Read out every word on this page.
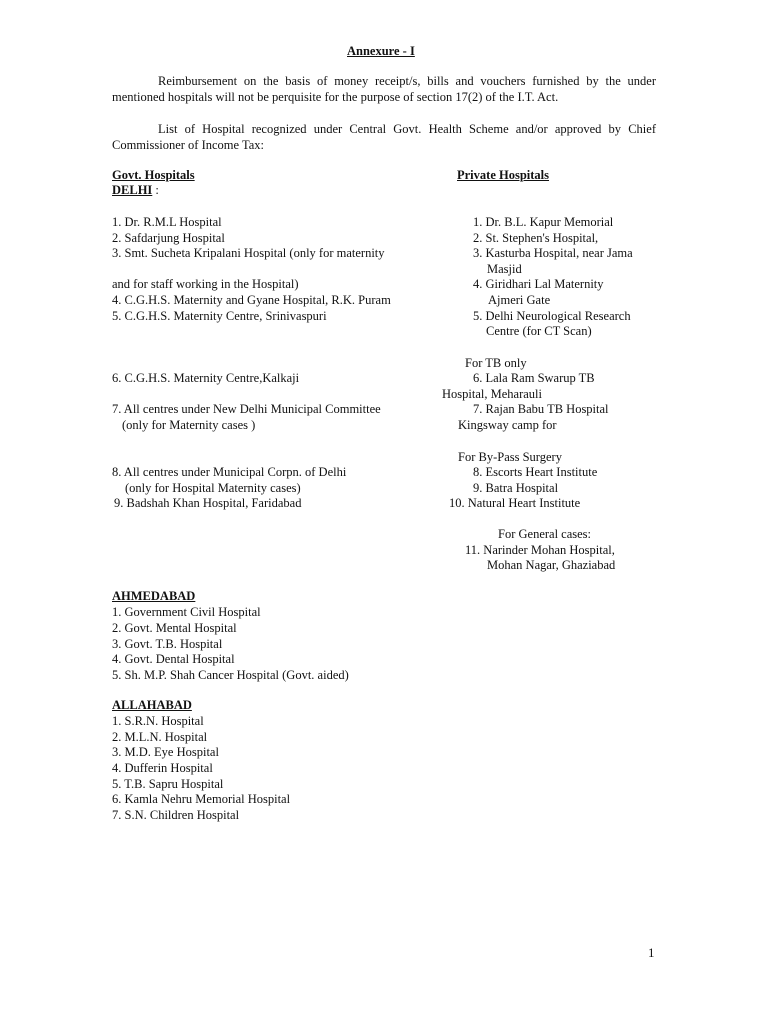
Annexure - I
Reimbursement on the basis of money receipt/s, bills and vouchers furnished by the under mentioned hospitals will not be perquisite for the purpose of section 17(2) of the I.T. Act.
List of Hospital recognized under Central Govt. Health Scheme and/or approved by Chief Commissioner of Income Tax:
Govt. Hospitals	Private Hospitals
DELHI :
1. Dr. R.M.L Hospital
2. Safdarjung Hospital
3. Smt. Sucheta Kripalani Hospital (only for maternity
and for staff working in the Hospital)
4. C.G.H.S. Maternity and Gyane Hospital, R.K. Puram
5. C.G.H.S. Maternity Centre, Srinivaspuri
6. C.G.H.S. Maternity Centre,Kalkaji
7. All centres under New Delhi Municipal Committee
(only for Maternity cases )
8. All centres under Municipal Corpn. of Delhi
(only for Hospital Maternity cases)
9. Badshah Khan Hospital, Faridabad
1. Dr. B.L. Kapur Memorial
2. St. Stephen's Hospital,
3. Kasturba Hospital, near Jama
Masjid
4. Giridhari Lal Maternity
Ajmeri Gate
5. Delhi Neurological Research
Centre (for CT Scan)
For TB only
6. Lala Ram Swarup TB
Hospital, Meharauli
7. Rajan Babu TB Hospital
Kingsway camp for
For By-Pass Surgery
8. Escorts Heart Institute
9. Batra Hospital
10. Natural Heart Institute
For General cases:
11. Narinder Mohan Hospital,
Mohan Nagar, Ghaziabad
AHMEDABAD
1. Government Civil Hospital
2. Govt. Mental Hospital
3. Govt. T.B. Hospital
4. Govt. Dental Hospital
5. Sh. M.P. Shah Cancer Hospital (Govt. aided)
ALLAHABAD
1. S.R.N. Hospital
2. M.L.N. Hospital
3. M.D. Eye Hospital
4. Dufferin Hospital
5. T.B. Sapru Hospital
6. Kamla Nehru Memorial Hospital
7. S.N. Children Hospital
1
